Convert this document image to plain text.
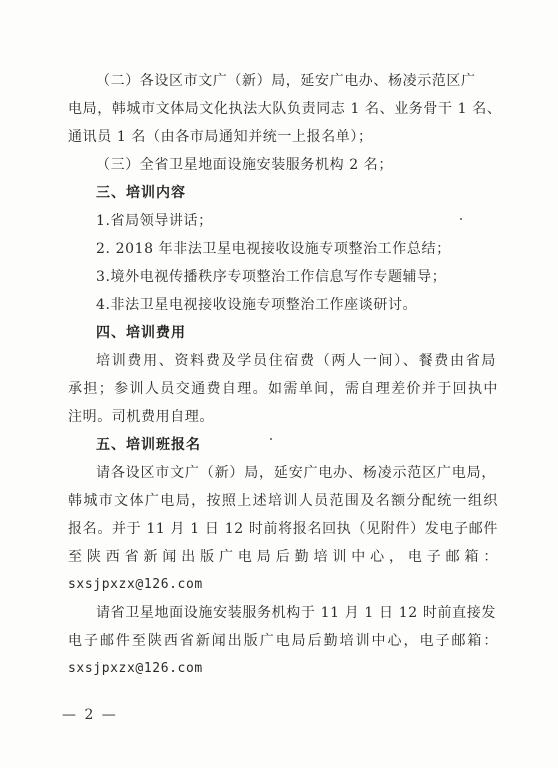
（二）各设区市文广（新）局，延安广电办、杨凌示范区广
电局，韩城市文体局文化执法大队负责同志 1 名、业务骨干 1 名、
通讯员 1 名（由各市局通知并统一上报名单）；
（三）全省卫星地面设施安装服务机构 2 名；
三、培训内容
1.省局领导讲话；
2. 2018 年非法卫星电视接收设施专项整治工作总结；
3.境外电视传播秩序专项整治工作信息写作专题辅导；
4.非法卫星电视接收设施专项整治工作座谈研讨。
四、培训费用
培训费用、资料费及学员住宿费（两人一间）、餐费由省局
承担；参训人员交通费自理。如需单间，需自理差价并于回执中
注明。司机费用自理。
五、培训班报名
请各设区市文广（新）局，延安广电办、杨凌示范区广电局，
韩城市文体广电局，按照上述培训人员范围及名额分配统一组织
报名。并于 11 月 1 日 12 时前将报名回执（见附件）发电子邮件
至陕西省新闻出版广电局后勤培训中心，电子邮箱：
sxsjpxzx@126.com
请省卫星地面设施安装服务机构于 11 月 1 日 12 时前直接发
电子邮件至陕西省新闻出版广电局后勤培训中心，电子邮箱：
— 2 —
sxsjpxzx@126.com
